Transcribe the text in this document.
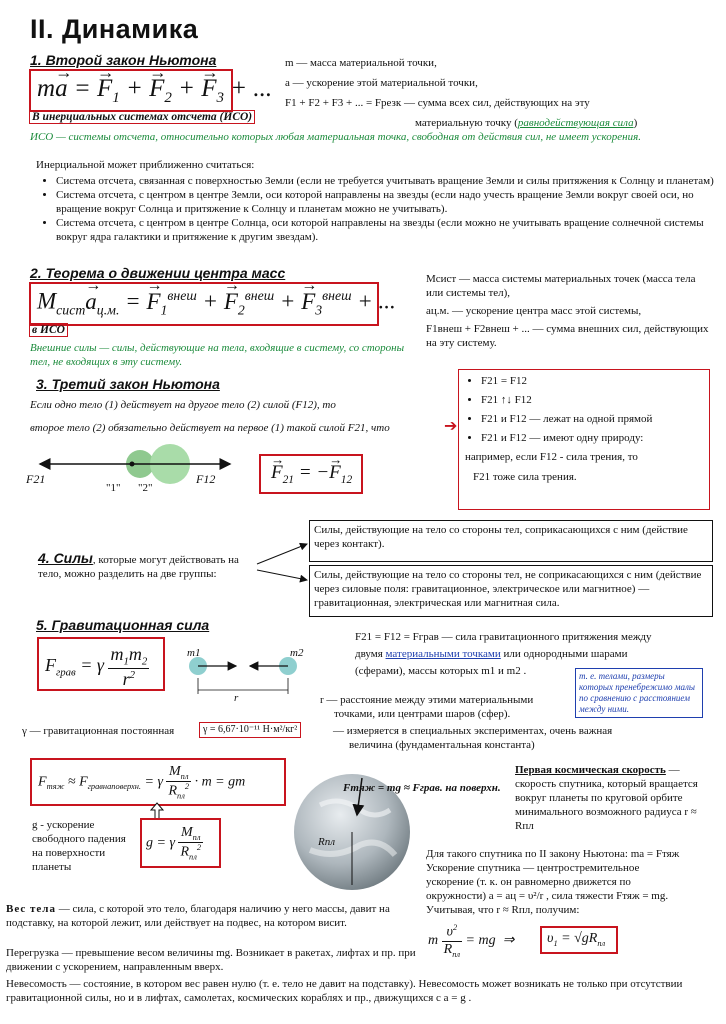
II. Динамика
1. Второй закон Ньютона
m→ a = → $F_1$ + → $F_2$ + → $F_3$ + ...
В инерциальных системах отсчета (ИСО)
m — масса материальной точки,
a — ускорение этой материальной точки,
F1 + F2 + F3 + ... = Fрезк — сумма всех сил, действующих на эту
материальную точку (равнодействующая сила)
ИСО — системы отсчета, относительно которых любая материальная точка, свободная от действия сил, не имеет ускорения.
Инерциальной может приближенно считаться:
• Система отсчета, связанная с поверхностью Земли (если не требуется учитывать вращение Земли и силы притяжения к Солнцу и планетам)
• Система отсчета, с центром в центре Земли, оси которой направлены на звезды (если надо учесть вращение Земли вокруг своей оси, но вращение вокруг Солнца и притяжение к Солнцу и планетам можно не учитывать).
• Система отсчета, с центром в центре Солнца, оси которой направлены на звезды (если можно не учитывать вращение солнечной системы вокруг ядра галактики и притяжение к другим звездам).
2. Теорема о движении центра масс
$M_{сист}\to a_{ц.м.}$ = → $F_1^{внеш}$ + → $F_2^{внеш}$ + → $F_3^{внеш}$ + ...
в ИСО
Внешние силы — силы, действующие на тела, входящие в систему, со стороны тел, не входящих в эту систему.
Mсист — масса системы материальных точек (масса тела или системы тел),
aц.м. — ускорение центра масс этой системы,
F1внеш + F2внеш + ... — сумма внешних сил, действующих на эту систему.
3. Третий закон Ньютона
Если одно тело (1) действует на другое тело (2) силой (F12), то
второе тело (2) обязательно действует на первое (1) такой силой F21, что	➔
F21
"1" "2"
F12
→	$F_{21}$ = −→ $F_{12}$
• F21 = F12
• F21 ↑↓ F12
• F21 и F12 — лежат на одной прямой
• F21 и F12 — имеют одну природу:
например, если F12 - сила трения, то
F21 тоже сила трения.
4. Силы, которые могут действовать на тело, можно разделить на две группы:
Силы, действующие на тело со стороны тел, соприкасающихся с ним (действие через контакт).
Силы, действующие на тело со стороны тел, не соприкасающихся с ним (действие через силовые поля: гравитационное, электрическое или магнитное) — гравитационная, электрическая или магнитная сила.
5. Гравитационная сила
$F_{грав} = \gamma \frac{m_1m_2}{r^2}$	m1	m2
r
F21 = F12 = Fграв — сила гравитационного притяжения между
двумя материальными точками или однородными шарами
(сферами), массы которых m1 и m2 .	т. е. телами, размеры которых пренебрежимо малы по сравнению с расстоянием между ними.
r — расстояние между этими материальными
точками, или центрами шаров (сфер).
γ — гравитационная постоянная	γ = 6,67·10⁻¹¹ Н·м²/кг²	— измеряется в специальных экспериментах, очень важная
величина (фундаментальная константа)
$F_{тяж} \approx F_{гравнаповерхн.} = \gamma \frac{M_{пл}}{R_{пл}^2} \cdot m$ = gm
g = γ $\frac{M_{пл}}{R_{пл}^2}$
g - ускорение свободного падения на поверхности планеты
Fтяж = mg ≈ Fграв. на поверхн.
Rпл
Первая космическая скорость — скорость спутника, который вращается вокруг планеты по круговой орбите минимального возможного радиуса r ≈ Rпл
Для такого спутника по II закону Ньютона: ma = Fтяж
Ускорение спутника — центростремительное
ускорение (т. к. он равномерно движется по
окружности) a = aц = υ²/r , сила тяжести Fтяж = mg.
Учитывая, что r ≈ Rпл, получим:
m $\frac{\upsilon^2}{R_{пл}}$ = mg  ⇒ $\upsilon_1 = √gR_{пл}$
Вес тела — сила, с которой это тело, благодаря наличию у него массы, давит на подставку, на которой лежит, или действует на подвес, на котором висит.
Перегрузка — превышение весом величины mg. Возникает в ракетах, лифтах и пр. при движении с ускорением, направленным вверх.
Невесомость — состояние, в котором вес равен нулю (т. е. тело не давит на подставку). Невесомость может возникать не только при отсутствии гравитационной силы, но и в лифтах, самолетах, космических кораблях и пр., движущихся с a = g .
